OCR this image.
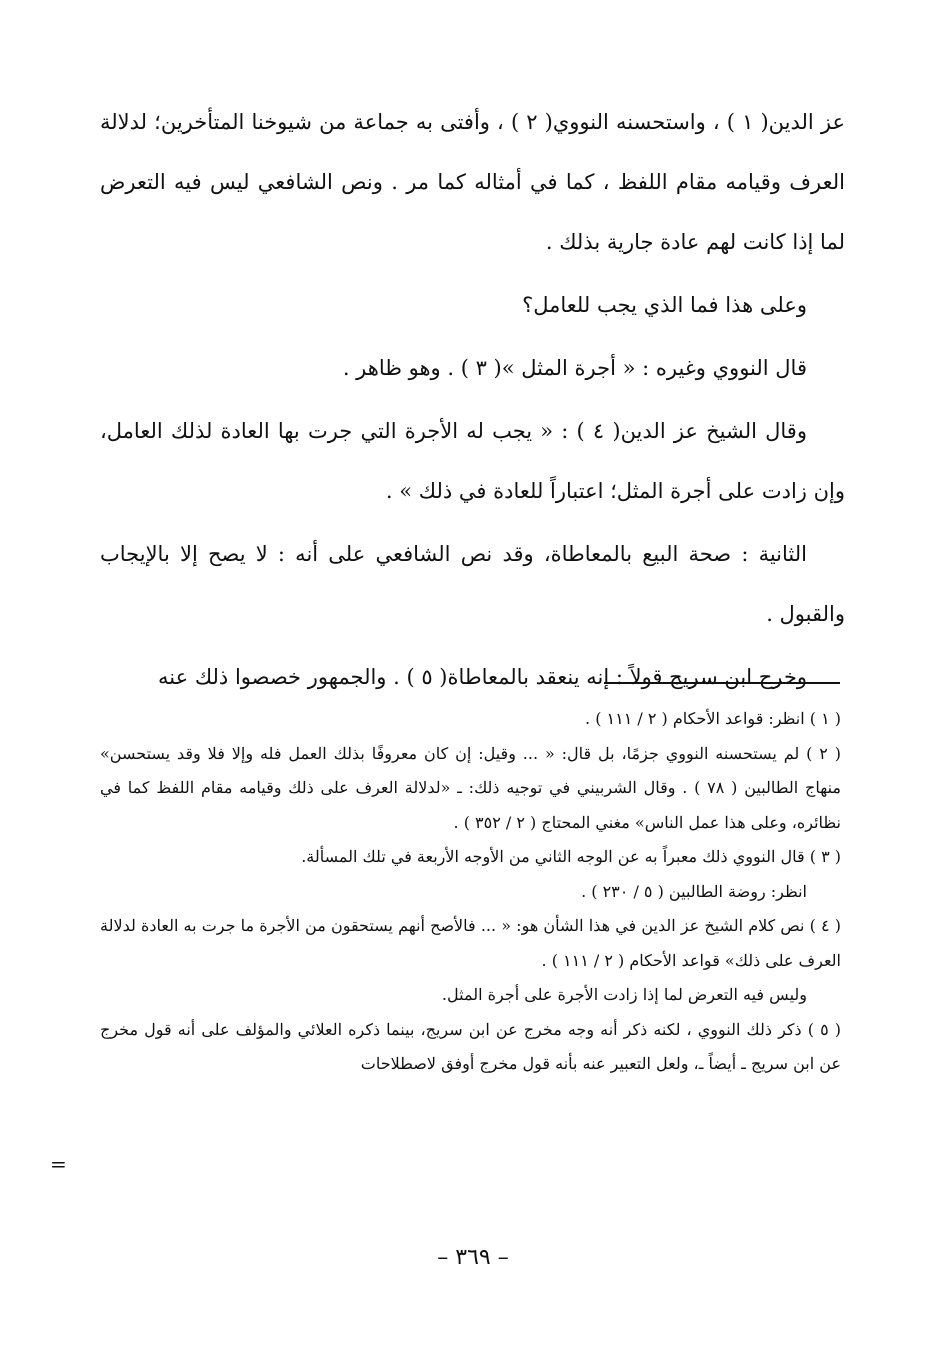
عز الدين( ١ ) ، واستحسنه النووي( ٢ ) ، وأفتى به جماعة من شيوخنا المتأخرين؛ لدلالة العرف وقيامه مقام اللفظ ، كما في أمثاله كما مر . ونص الشافعي ليس فيه التعرض لما إذا كانت لهم عادة جارية بذلك .

وعلى هذا فما الذي يجب للعامل؟

قال النووي وغيره : « أجرة المثل »( ٣ ) . وهو ظاهر .

وقال الشيخ عز الدين( ٤ ) : « يجب له الأجرة التي جرت بها العادة لذلك العامل، وإن زادت على أجرة المثل؛ اعتباراً للعادة في ذلك » .

الثانية : صحة البيع بالمعاطاة، وقد نص الشافعي على أنه : لا يصح إلا بالإيجاب والقبول .

وخرج ابن سريج قولاً : إنه ينعقد بالمعاطاة( ٥ ) . والجمهور خصصوا ذلك عنه

( ١ ) انظر: قواعد الأحكام ( ٢ / ١١١ ) .

( ٢ ) لم يستحسنه النووي جزمًا، بل قال: « ... وقيل: إن كان معروفًا بذلك العمل فله وإلا فلا وقد يستحسن» منهاج الطالبين ( ٧٨ ) . وقال الشربيني في توجيه ذلك: ـ «لدلالة العرف على ذلك وقيامه مقام اللفظ كما في نظائره، وعلى هذا عمل الناس» مغني المحتاج ( ٢ / ٣٥٢ ) .

( ٣ ) قال النووي ذلك معبراً به عن الوجه الثاني من الأوجه الأربعة في تلك المسألة.

انظر: روضة الطالبين ( ٥ / ٢٣٠ ) .

( ٤ ) نص كلام الشيخ عز الدين في هذا الشأن هو: « ... فالأصح أنهم يستحقون من الأجرة ما جرت به العادة لدلالة العرف على ذلك» قواعد الأحكام ( ٢ / ١١١ ) .

وليس فيه التعرض لما إذا زادت الأجرة على أجرة المثل.

( ٥ ) ذكر ذلك النووي ، لكنه ذكر أنه وجه مخرج عن ابن سريج، بينما ذكره العلائي والمؤلف على أنه قول مخرج عن ابن سريج ـ أيضاً ـ، ولعل التعبير عنه بأنه قول مخرج أوفق لاصطلاحات

=
– ٣٦٩ –
